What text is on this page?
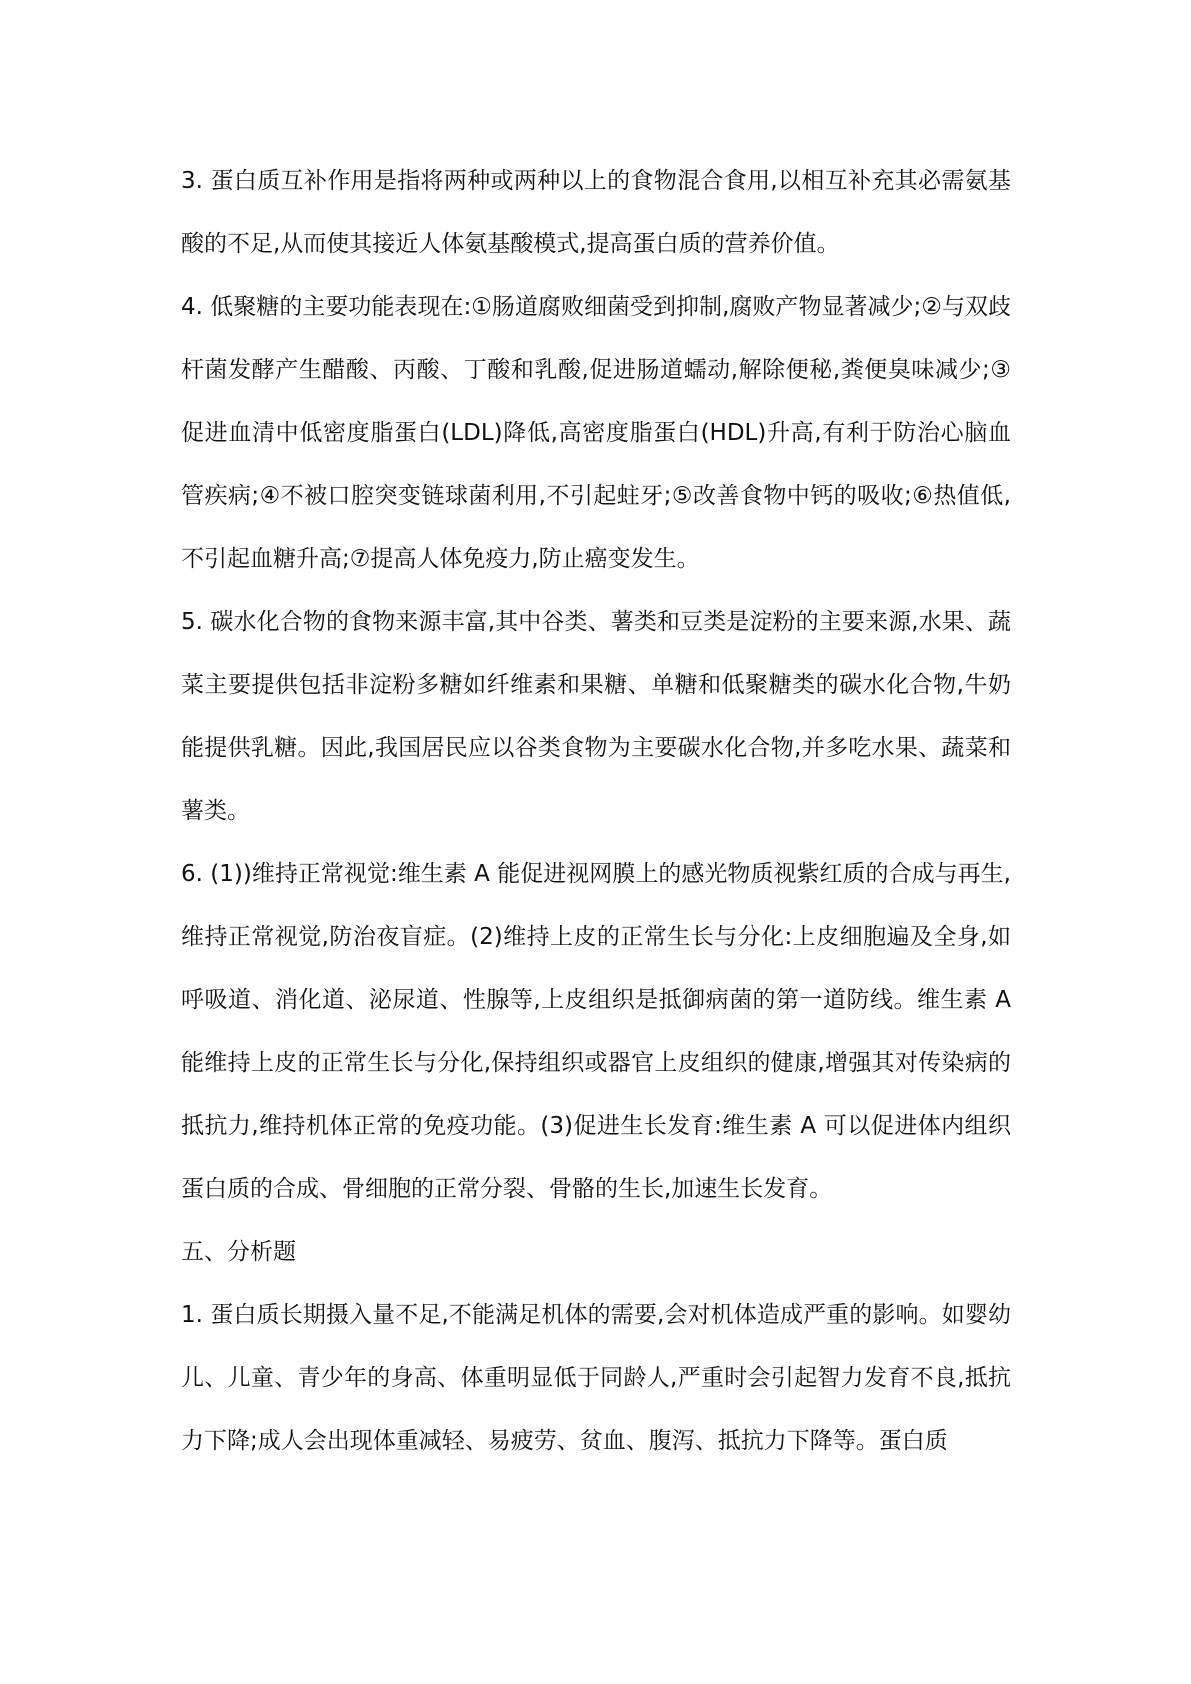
3. 蛋白质互补作用是指将两种或两种以上的食物混合食用,以相互补充其必需氨基酸的不足,从而使其接近人体氨基酸模式,提高蛋白质的营养价值。

4. 低聚糖的主要功能表现在:①肠道腐败细菌受到抑制,腐败产物显著减少;②与双歧杆菌发酵产生醋酸、丙酸、丁酸和乳酸,促进肠道蠕动,解除便秘,粪便臭味减少;③促进血清中低密度脂蛋白(LDL)降低,高密度脂蛋白(HDL)升高,有利于防治心脑血管疾病;④不被口腔突变链球菌利用,不引起蛀牙;⑤改善食物中钙的吸收;⑥热值低,不引起血糖升高;⑦提高人体免疫力,防止癌变发生。

5. 碳水化合物的食物来源丰富,其中谷类、薯类和豆类是淀粉的主要来源,水果、蔬菜主要提供包括非淀粉多糖如纤维素和果糖、单糖和低聚糖类的碳水化合物,牛奶能提供乳糖。因此,我国居民应以谷类食物为主要碳水化合物,并多吃水果、蔬菜和薯类。

6. (1))维持正常视觉:维生素 A 能促进视网膜上的感光物质视紫红质的合成与再生,维持正常视觉,防治夜盲症。(2)维持上皮的正常生长与分化:上皮细胞遍及全身,如呼吸道、消化道、泌尿道、性腺等,上皮组织是抵御病菌的第一道防线。维生素 A 能维持上皮的正常生长与分化,保持组织或器官上皮组织的健康,增强其对传染病的抵抗力,维持机体正常的免疫功能。(3)促进生长发育:维生素 A 可以促进体内组织蛋白质的合成、骨细胞的正常分裂、骨骼的生长,加速生长发育。

五、分析题

1. 蛋白质长期摄入量不足,不能满足机体的需要,会对机体造成严重的影响。如婴幼儿、儿童、青少年的身高、体重明显低于同龄人,严重时会引起智力发育不良,抵抗力下降;成人会出现体重减轻、易疲劳、贫血、腹泻、抵抗力下降等。蛋白质
